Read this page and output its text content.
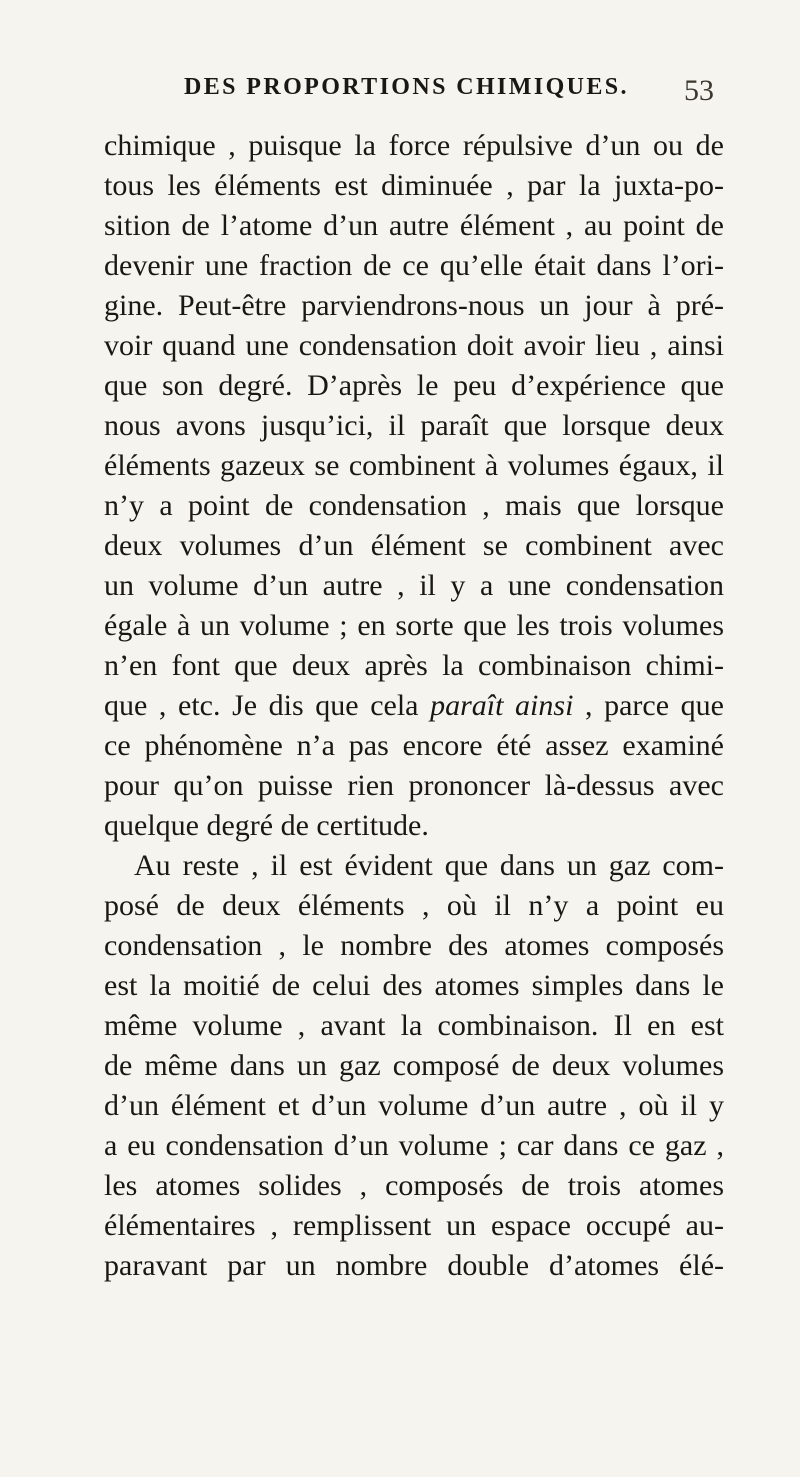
DES PROPORTIONS CHIMIQUES. 53
chimique , puisque la force répulsive d’un ou de
tous les éléments est diminuée , par la juxta-po-
sition de l’atome d’un autre élément , au point de
devenir une fraction de ce qu’elle était dans l’ori-
gine. Peut-être parviendrons-nous un jour à pré-
voir quand une condensation doit avoir lieu , ainsi
que son degré. D’après le peu d’expérience que
nous avons jusqu’ici, il paraît que lorsque deux
éléments gazeux se combinent à volumes égaux, il
n’y a point de condensation , mais que lorsque
deux volumes d’un élément se combinent avec
un volume d’un autre , il y a une condensation
égale à un volume ; en sorte que les trois volumes
n’en font que deux après la combinaison chimi-
que , etc. Je dis que cela paraît ainsi , parce que
ce phénomène n’a pas encore été assez examiné
pour qu’on puisse rien prononcer là-dessus avec
quelque degré de certitude.
Au reste , il est évident que dans un gaz com-
posé de deux éléments , où il n’y a point eu
condensation , le nombre des atomes composés
est la moitié de celui des atomes simples dans le
même volume , avant la combinaison. Il en est
de même dans un gaz composé de deux volumes
d’un élément et d’un volume d’un autre , où il y
a eu condensation d’un volume ; car dans ce gaz ,
les atomes solides , composés de trois atomes
élémentaires , remplissent un espace occupé au-
paravant par un nombre double d’atomes élé-
